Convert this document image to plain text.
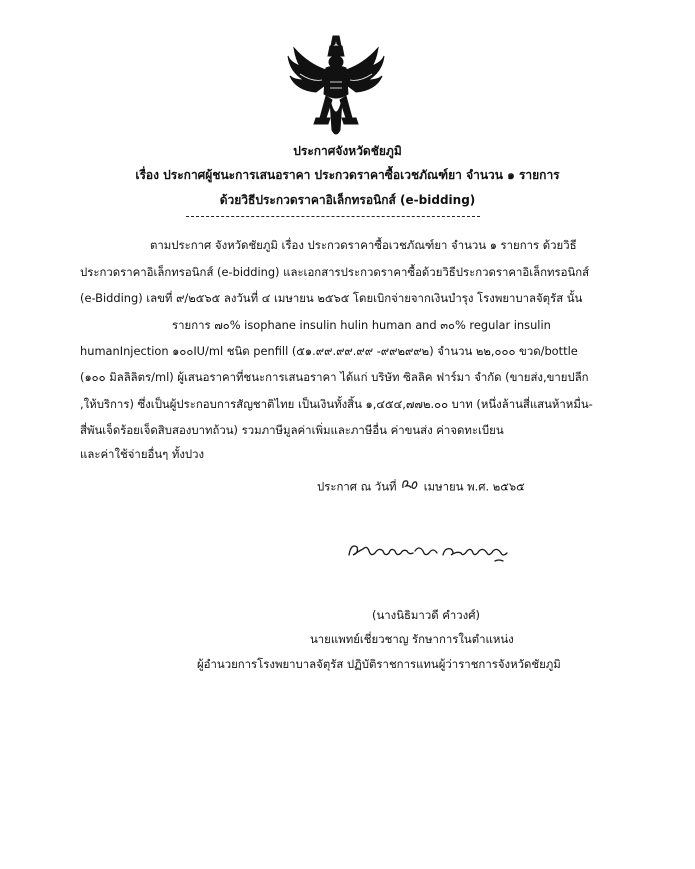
ประกาศจังหวัดชัยภูมิ
เรื่อง ประกาศผู้ชนะการเสนอราคา ประกวดราคาซื้อเวชภัณฑ์ยา จำนวน ๑ รายการ
ด้วยวิธีประกวดราคาอิเล็กทรอนิกส์ (e-bidding)
ตามประกาศ จังหวัดชัยภูมิ เรื่อง ประกวดราคาซื้อเวชภัณฑ์ยา จำนวน ๑ รายการ ด้วยวิธี
ประกวดราคาอิเล็กทรอนิกส์ (e-bidding) และเอกสารประกวดราคาซื้อด้วยวิธีประกวดราคาอิเล็กทรอนิกส์
(e-Bidding) เลขที่ ๙/๒๕๖๕ ลงวันที่ ๔ เมษายน ๒๕๖๕ โดยเบิกจ่ายจากเงินบำรุง โรงพยาบาลจัตุรัส นั้น
รายการ ๗๐% isophane insulin hulin human and ๓๐% regular insulin
humanInjection ๑๐๐IU/ml ชนิด penfill (๕๑.๙๙.๙๙.๙๙ -๙๙๒๙๙๒) จำนวน ๒๒,๐๐๐ ขวด/bottle
(๑๐๐ มิลลิลิตร/ml) ผู้เสนอราคาที่ชนะการเสนอราคา ได้แก่ บริษัท ซิลลิค ฟาร์มา จำกัด (ขายส่ง,ขายปลีก
,ให้บริการ) ซึ่งเป็นผู้ประกอบการสัญชาติไทย เป็นเงินทั้งสิ้น ๑,๔๕๔,๗๗๒.๐๐ บาท (หนึ่งล้านสี่แสนห้าหมื่น-
สี่พันเจ็ดร้อยเจ็ดสิบสองบาทถ้วน) รวมภาษีมูลค่าเพิ่มและภาษีอื่น ค่าขนส่ง ค่าจดทะเบียน
และค่าใช้จ่ายอื่นๆ ทั้งปวง
ประกาศ ณ วันที่ เมษายน พ.ศ. ๒๕๖๕
(นางนิธิมาวดี คำวงศ์)
นายแพทย์เชี่ยวชาญ รักษาการในตำแหน่ง
ผู้อำนวยการโรงพยาบาลจัตุรัส ปฏิบัติราชการแทนผู้ว่าราชการจังหวัดชัยภูมิ
